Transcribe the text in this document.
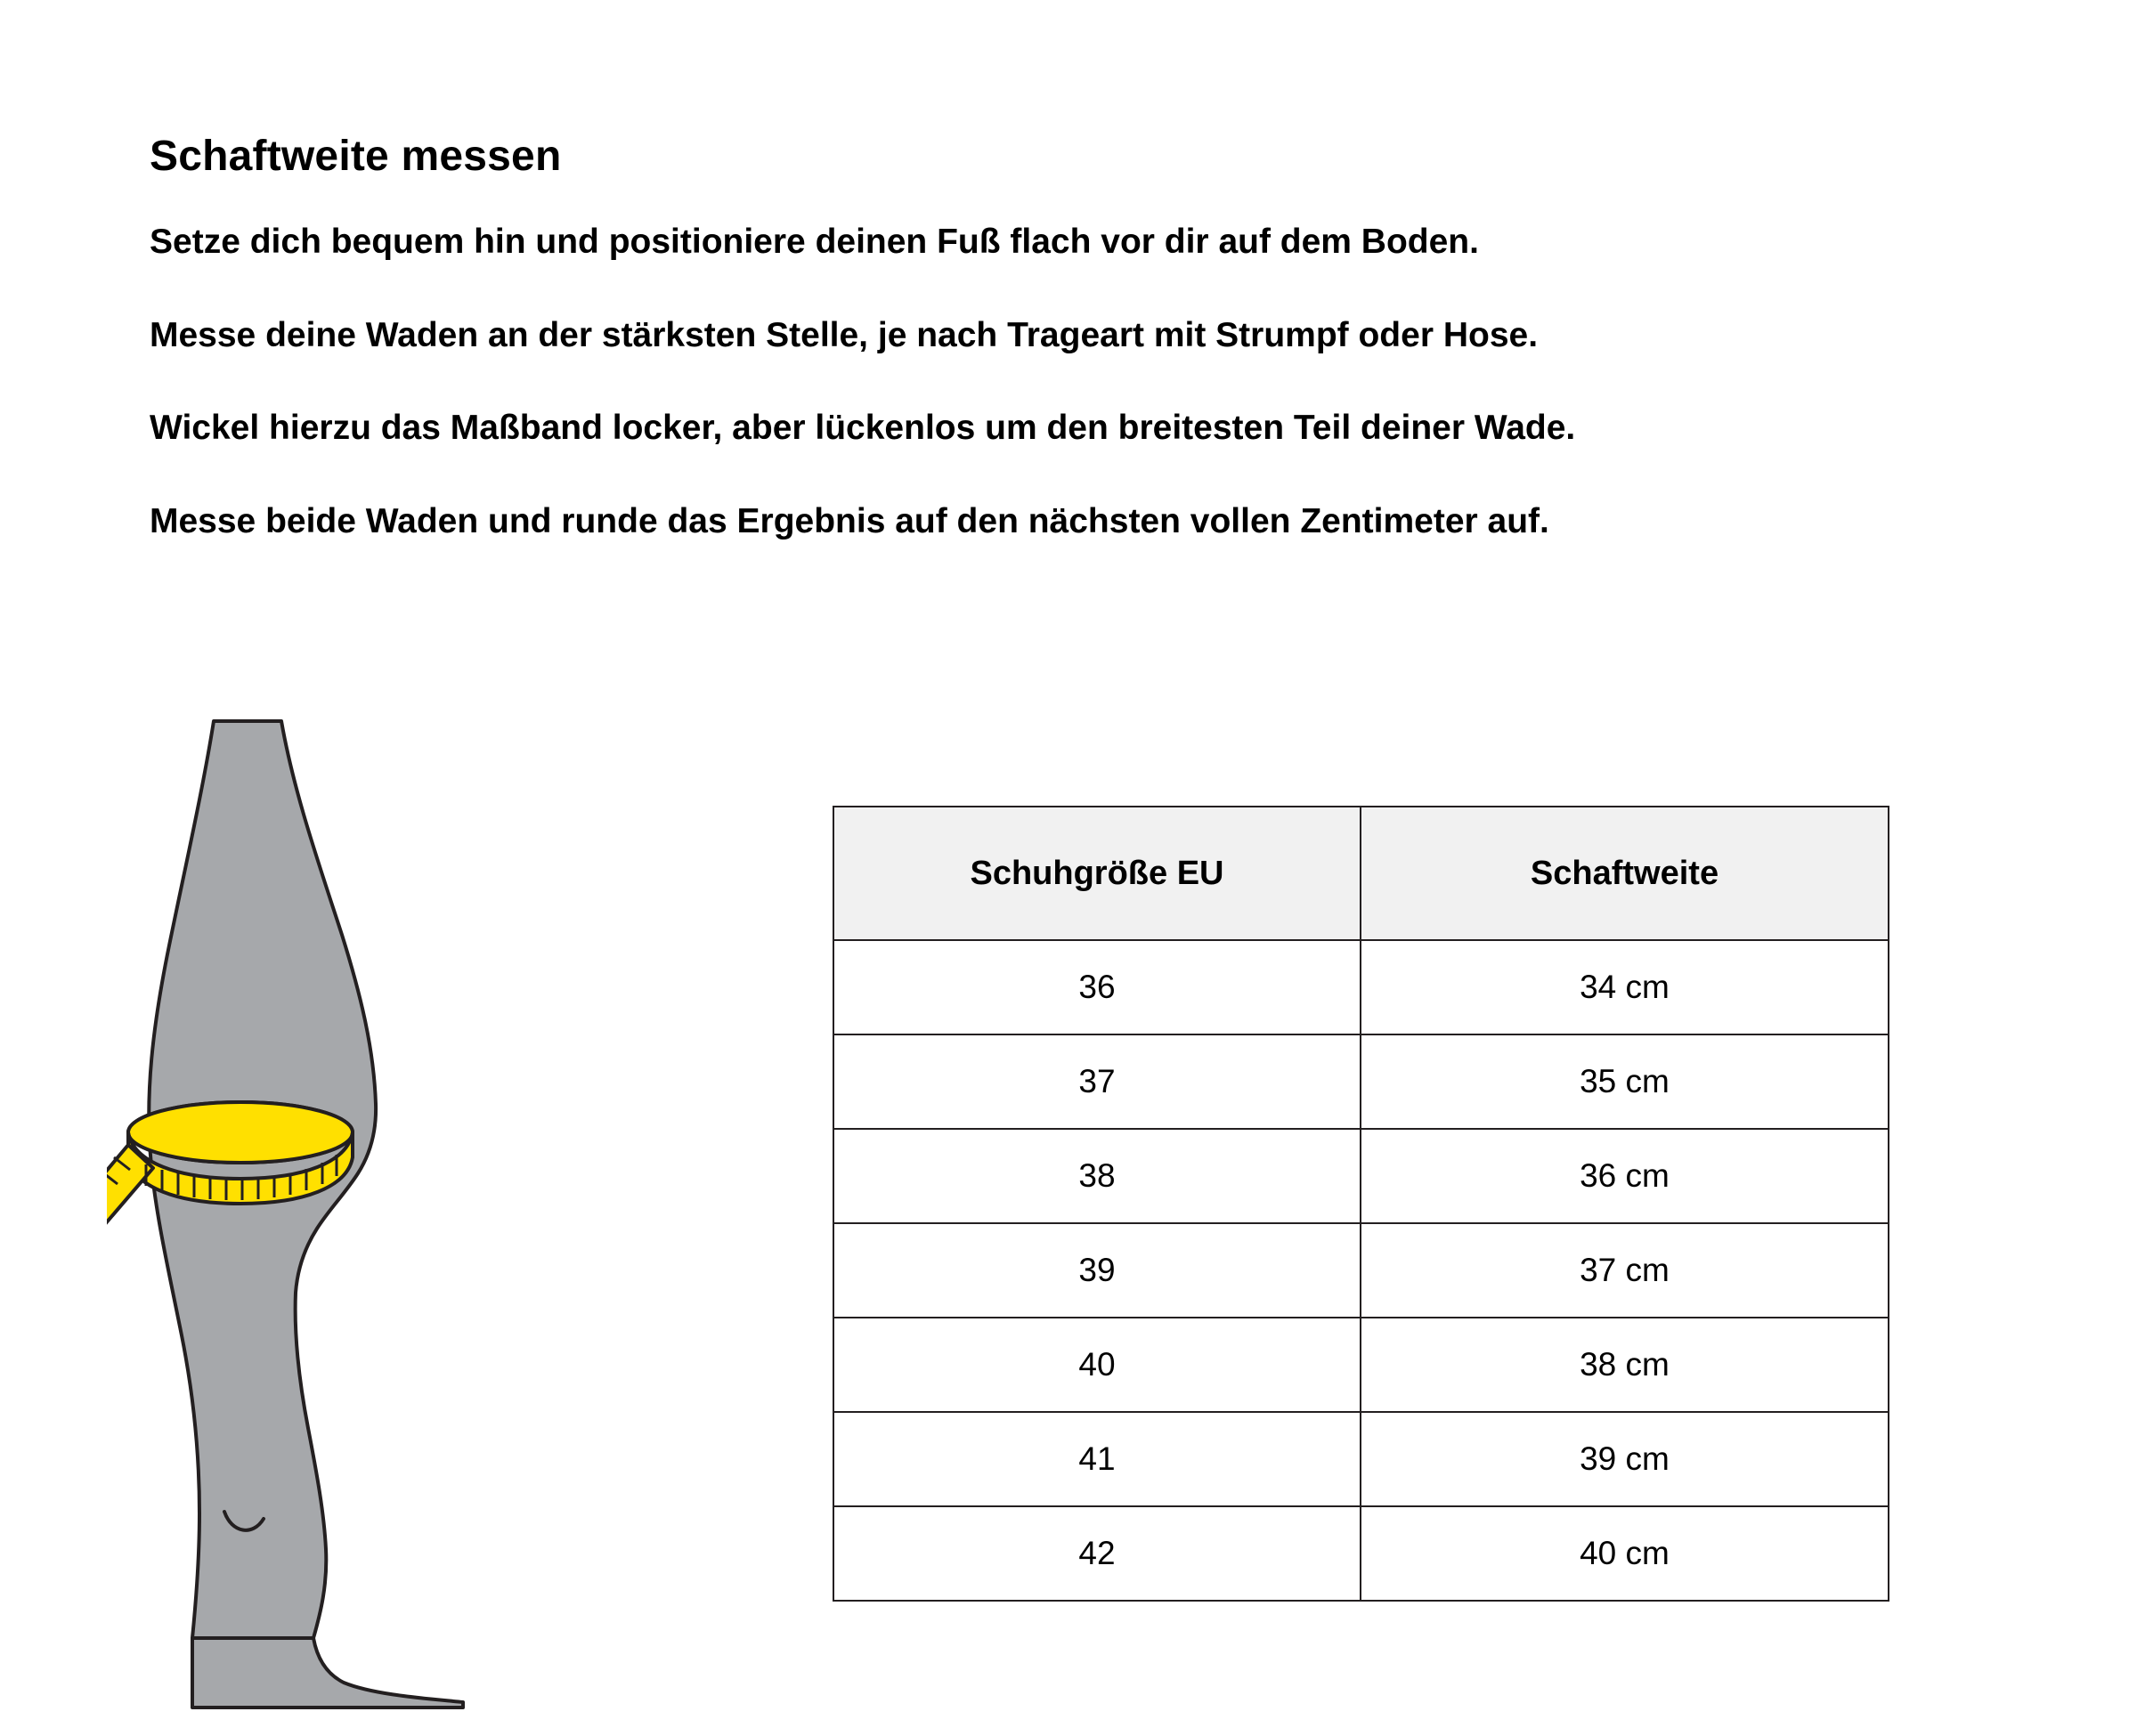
Schaftweite messen

Setze dich bequem hin und positioniere deinen Fuß flach vor dir auf dem Boden.

Messe deine Waden an der stärksten Stelle, je nach Trageart mit Strumpf oder Hose.

Wickel hierzu das Maßband locker, aber lückenlos um den breitesten Teil deiner Wade.

Messe beide Waden und runde das Ergebnis auf den nächsten vollen Zentimeter auf.

Schuhgröße EU	Schaftweite
36	34 cm
37	35 cm
38	36 cm
39	37 cm
40	38 cm
41	39 cm
42	40 cm
